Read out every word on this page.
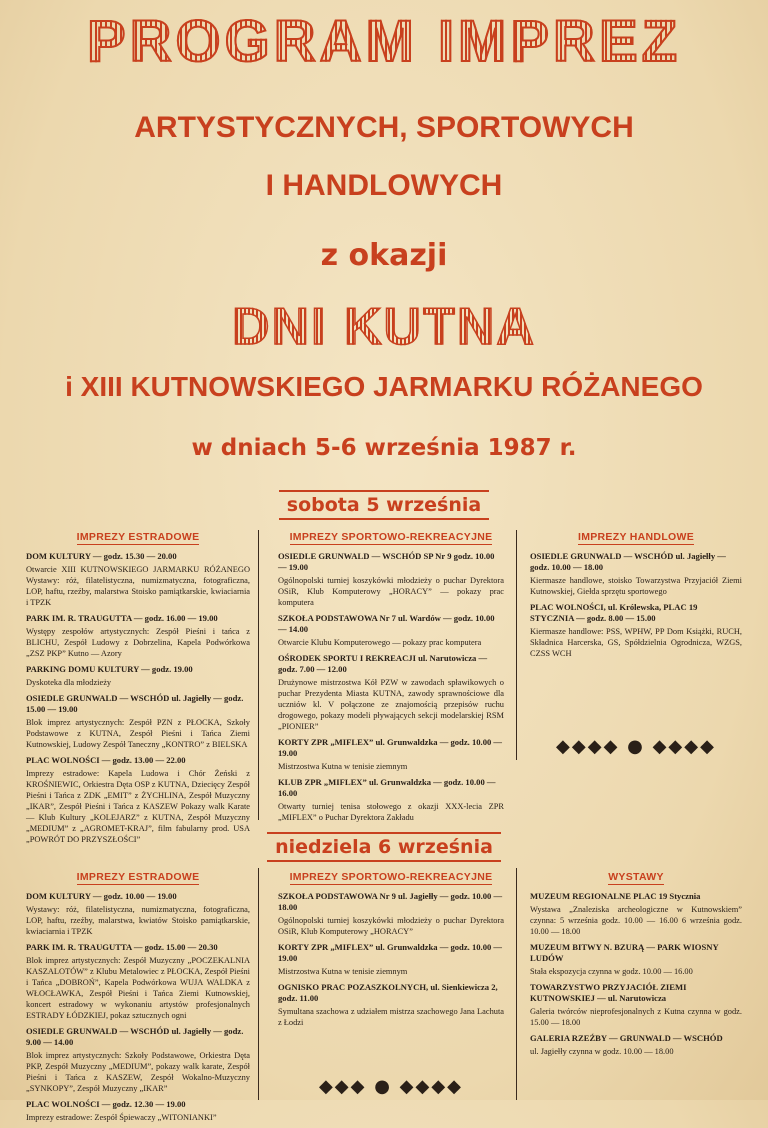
PROGRAM IMPREZ
ARTYSTYCZNYCH, SPORTOWYCH
I HANDLOWYCH
z okazji
DNI KUTNA
i XIII KUTNOWSKIEGO JARMARKU RÓŻANEGO
w dniach 5-6 września 1987 r.
sobota 5 września
IMPREZY ESTRADOWE
DOM KULTURY — godz. 15.30 — 20.00
Otwarcie XIII KUTNOWSKIEGO JARMARKU RÓŻANEGO Wystawy: róż, filatelistyczna, numizmatyczna, fotograficzna, LOP, haftu, rzeźby, malarstwa Stoisko pamiątkarskie, kwiaciarnia i TPZK
PARK IM. R. TRAUGUTTA — godz. 16.00 — 19.00
Występy zespołów artystycznych: Zespół Pieśni i tańca z BLICHU, Zespół Ludowy z Dobrzelina, Kapela Podwórkowa „ZSZ PKP” Kutno — Azory
PARKING DOMU KULTURY — godz. 19.00
Dyskoteka dla młodzieży
OSIEDLE GRUNWALD — WSCHÓD ul. Jagiełły — godz. 15.00 — 19.00
Blok imprez artystycznych: Zespół PZN z PŁOCKA, Szkoły Podstawowe z KUTNA, Zespół Pieśni i Tańca Ziemi Kutnowskiej, Ludowy Zespół Taneczny „KONTRO” z BIELSKA
PLAC WOLNOŚCI — godz. 13.00 — 22.00
Imprezy estradowe: Kapela Ludowa i Chór Żeński z KROŚNIEWIC, Orkiestra Dęta OSP z KUTNA, Dziecięcy Zespół Pieśni i Tańca z ZDK „EMIT” z ŻYCHLINA, Zespół Muzyczny „IKAR”, Zespół Pieśni i Tańca z KASZEW Pokazy walk Karate — Klub Kultury „KOLEJARZ” z KUTNA, Zespół Muzyczny „MEDIUM” z „AGROMET-KRAJ”, film fabularny prod. USA „POWRÓT DO PRZYSZŁOŚCI”
IMPREZY SPORTOWO-REKREACYJNE
OSIEDLE GRUNWALD — WSCHÓD SP Nr 9 godz. 10.00 — 19.00
Ogólnopolski turniej koszykówki młodzieży o puchar Dyrektora OSiR, Klub Komputerowy „HORACY” — pokazy prac komputera
SZKOŁA PODSTAWOWA Nr 7 ul. Wardów — godz. 10.00 — 14.00
Otwarcie Klubu Komputerowego — pokazy prac komputera
OŚRODEK SPORTU I REKREACJI ul. Narutowicza — godz. 7.00 — 12.00
Drużynowe mistrzostwa Kół PZW w zawodach spławikowych o puchar Prezydenta Miasta KUTNA, zawody sprawnościowe dla uczniów kl. V połączone ze znajomością przepisów ruchu drogowego, pokazy modeli pływających sekcji modelarskiej RSM „PIONIER”
KORTY ZPR „MIFLEX” ul. Grunwaldzka — godz. 10.00 — 19.00
Mistrzostwa Kutna w tenisie ziemnym
KLUB ZPR „MIFLEX” ul. Grunwaldzka — godz. 10.00 — 16.00
Otwarty turniej tenisa stołowego z okazji XXX-lecia ZPR „MIFLEX” o Puchar Dyrektora Zakładu
IMPREZY HANDLOWE
OSIEDLE GRUNWALD — WSCHÓD ul. Jagiełły — godz. 10.00 — 18.00
Kiermasze handlowe, stoisko Towarzystwa Przyjaciół Ziemi Kutnowskiej, Giełda sprzętu sportowego
PLAC WOLNOŚCI, ul. Królewska, PLAC 19 STYCZNIA — godz. 8.00 — 15.00
Kiermasze handlowe: PSS, WPHW, PP Dom Książki, RUCH, Składnica Harcerska, GS, Spółdzielnia Ogrodnicza, WZGS, CZSS WCH
◆◆◆◆ ● ◆◆◆◆
niedziela 6 września
IMPREZY ESTRADOWE
DOM KULTURY — godz. 10.00 — 19.00
Wystawy: róż, filatelistyczna, numizmatyczna, fotograficzna, LOP, haftu, rzeźby, malarstwa, kwiatów Stoisko pamiątkarskie, kwiaciarnia i TPZK
PARK IM. R. TRAUGUTTA — godz. 15.00 — 20.30
Blok imprez artystycznych: Zespół Muzyczny „POCZEKALNIA KASZALOTÓW” z Klubu Metalowiec z PŁOCKA, Zespół Pieśni i Tańca „DOBROŃ”, Kapela Podwórkowa WUJA WALDKA z WŁOCŁAWKA, Zespół Pieśni i Tańca Ziemi Kutnowskiej, koncert estradowy w wykonaniu artystów profesjonalnych ESTRADY ŁÓDZKIEJ, pokaz sztucznych ogni
OSIEDLE GRUNWALD — WSCHÓD ul. Jagiełły — godz. 9.00 — 14.00
Blok imprez artystycznych: Szkoły Podstawowe, Orkiestra Dęta PKP, Zespół Muzyczny „MEDIUM”, pokazy walk karate, Zespół Pieśni i Tańca z KASZEW, Zespół Wokalno-Muzyczny „SYNKOPY”, Zespół Muzyczny „IKAR”
PLAC WOLNOŚCI — godz. 12.30 — 19.00
Imprezy estradowe: Zespół Śpiewaczy „WITONIANKI”
IMPREZY SPORTOWO-REKREACYJNE
SZKOŁA PODSTAWOWA Nr 9 ul. Jagiełły — godz. 10.00 — 18.00
Ogólnopolski turniej koszykówki młodzieży o puchar Dyrektora OSiR, Klub Komputerowy „HORACY”
KORTY ZPR „MIFLEX” ul. Grunwaldzka — godz. 10.00 — 19.00
Mistrzostwa Kutna w tenisie ziemnym
OGNISKO PRAC POZASZKOLNYCH, ul. Sienkiewicza 2, godz. 11.00
Symultana szachowa z udziałem mistrza szachowego Jana Lachuta z Łodzi
◆◆◆ ● ◆◆◆◆
WYSTAWY
MUZEUM REGIONALNE PLAC 19 Stycznia
Wystawa „Znaleziska archeologiczne w Kutnowskiem” czynna: 5 września godz. 10.00 — 16.00 6 września godz. 10.00 — 18.00
MUZEUM BITWY N. BZURĄ — PARK WIOSNY LUDÓW
Stała ekspozycja czynna w godz. 10.00 — 16.00
TOWARZYSTWO PRZYJACIÓŁ ZIEMI KUTNOWSKIEJ — ul. Narutowicza
Galeria twórców nieprofesjonalnych z Kutna czynna w godz. 15.00 — 18.00
GALERIA RZEŹBY — GRUNWALD — WSCHÓD
ul. Jagiełły czynna w godz. 10.00 — 18.00
